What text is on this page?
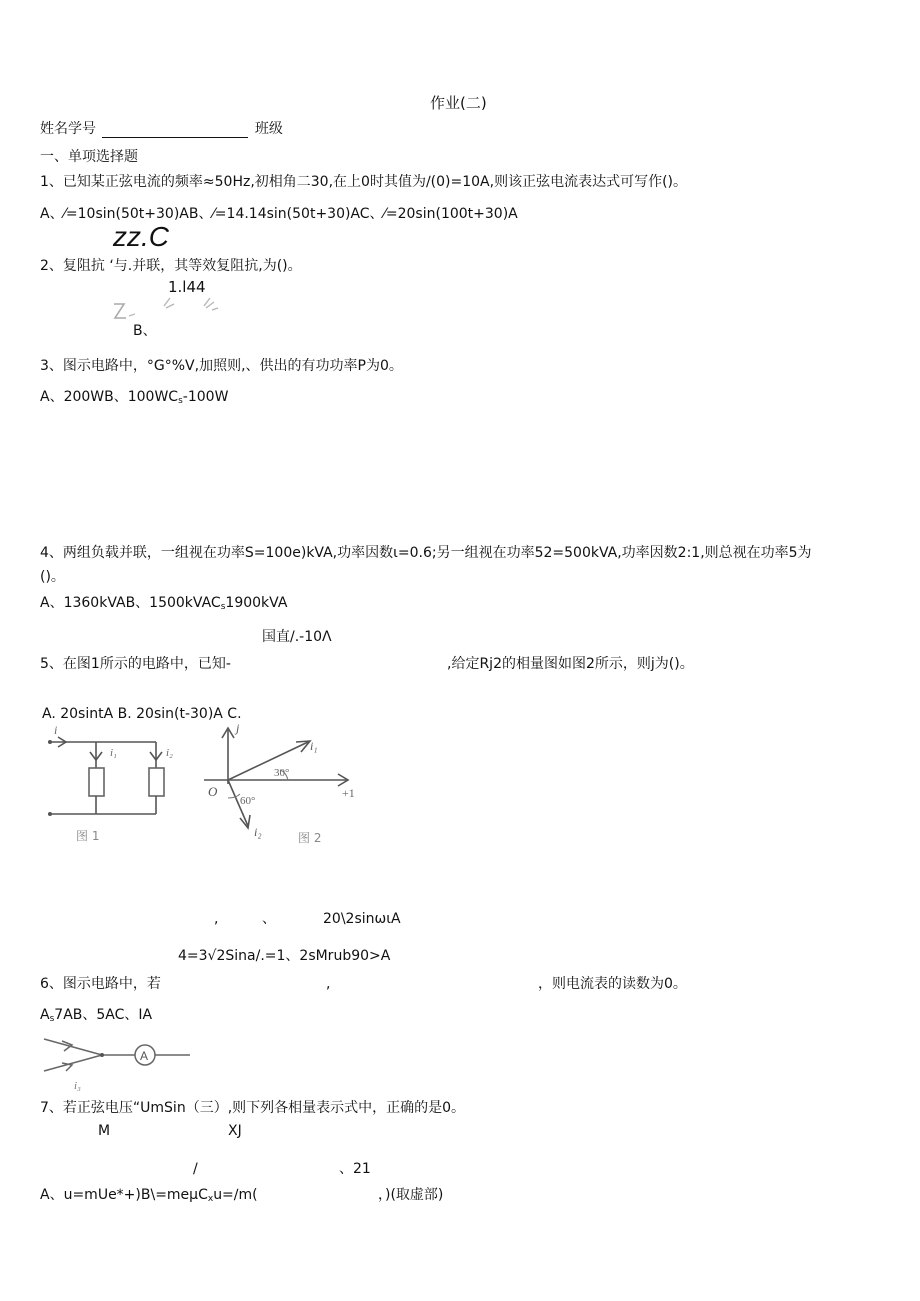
作业(二)
姓名学号	班级
一、单项选择题
1、已知某正弦电流的频率≈50Hz,初相角二30,在上0时其值为∕(0)=10A,则该正弦电流表达式可写作()。
A、⁄=10sin(50t+30)AB、⁄=14.14sin(50t+30)AC、⁄=20sin(100t+30)A
zz.C
2、复阻抗 ‘与.并联，其等效复阻抗,为()。
1.l44
B、
3、图示电路中，°G°%V,加照则,、供出的有功功率P为0。
A、200WB、$100WC_s-100W$
4、两组负载并联，一组视在功率S=100e)kVA,功率因数ι=0.6;另一组视在功率52=500kVA,功率因数2:1,则总视在功率5为
()。
A、1360kVAB、1500kVAC$_s$1900kVA
国直/.-10Λ
5、在图1所示的电路中，已知-	,给定Rj2的相量图如图2所示，则j为()。
A. 20sintA B. 20sin(t-30)A C.
i
i₁	i₂
图 1
j
O	+1
i₁
i₂
30°
60°
图 2
,	、	20\2sinωιA
4=3√2Sina/.=1、2sMrub90>A
6、图示电路中，若	,	，则电流表的读数为0。
$A_s7AB$、5AC、IA
A
i₃
7、若正弦电压“UmSin（三）,则下列各相量表示式中，正确的是0。
M	XJ
/	、21
A、u=mUe*+)B\=meμC$_x$u=∕m(	，)(取虚部)
